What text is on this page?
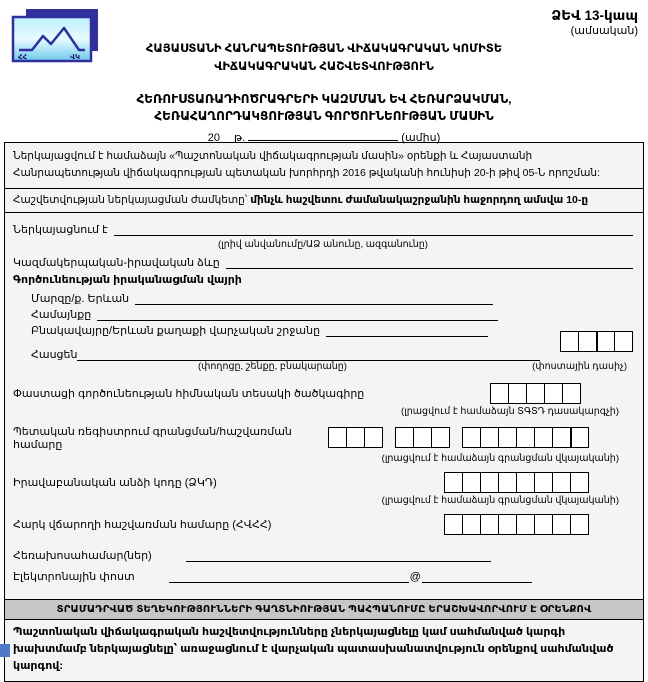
ՀՀ	ՎԿ
ՁԵՎ 13-կապ
(ամսական)
ՀԱՅԱՍՏԱՆԻ ՀԱՆՐԱՊԵՏՈՒԹՅԱՆ ՎԻՃԱԿԱԳՐԱԿԱՆ ԿՈՄԻՏԵ
ՎԻՃԱԿԱԳՐԱԿԱՆ ՀԱՇՎԵՏՎՈՒԹՅՈՒՆ
ՀԵՌՈՒՍՏԱՌԱԴԻՈԾՐԱԳՐԵՐԻ ԿԱԶՄՄԱՆ ԵՎ ՀԵՌԱՐՁԱԿՄԱՆ,
ՀԵՌԱՀԱՂՈՐԴԱԿՑՈՒԹՅԱՆ ԳՈՐԾՈՒՆԵՈՒԹՅԱՆ ՄԱՍԻՆ
20 թ.	(ամիս)
Ներկայացվում է համաձայն «Պաշտոնական վիճակագրության մասին» օրենքի և Հայաստանի Հանրապետության վիճակագրության պետական խորհրդի 2016 թվականի հունիսի 20-ի թիվ 05-Ն որոշման:
Հաշվետվության ներկայացման ժամկետը՝ մինչև հաշվետու ժամանակաշրջանին հաջորդող ամսվա 10-ը
Ներկայացնում է
(լրիվ անվանումը/ԱՁ անունը, ազգանունը)
Կազմակերպական-իրավական ձևը
Գործունեության իրականացման վայրի
Մարզը/ք. Երևան
Համայնքը
Բնակավայրը/Երևան քաղաքի վարչական շրջանը
Հասցեն
(փողոցը, շենքը, բնակարանը)	(փոստային դասիչ)
Փաստացի գործունեության հիմնական տեսակի ծածկագիրը
(լրացվում է համաձայն ՏԳՏԴ դասակարգչի)
Պետական ռեգիստրում գրանցման/հաշվառման համարը
(լրացվում է համաձայն գրանցման վկայականի)
Իրավաբանական անձի կոդը (ՁԿԴ)
(լրացվում է համաձայն գրանցման վկայականի)
Հարկ վճարողի հաշվառման համարը (ՀՎՀՀ)
Հեռախոսահամար(ներ)
Էլեկտրոնային փոստ	@
ՏՐԱՄԱԴՐՎԱԾ ՏԵՂԵԿՈՒԹՅՈՒՆՆԵՐԻ ԳԱՂՏՆԻՈՒԹՅԱՆ ՊԱՀՊԱՆՈՒՄԸ ԵՐԱՇԽԱՎՈՐՎՈՒՄ Է ՕՐԵՆՔՈՎ
Պաշտոնական վիճակագրական հաշվետվությունները չներկայացնելը կամ սահմանված կարգի խախտմամբ ներկայացնելը՝ առաջացնում է վարչական պատասխանատվություն օրենքով սահմանված կարգով:
